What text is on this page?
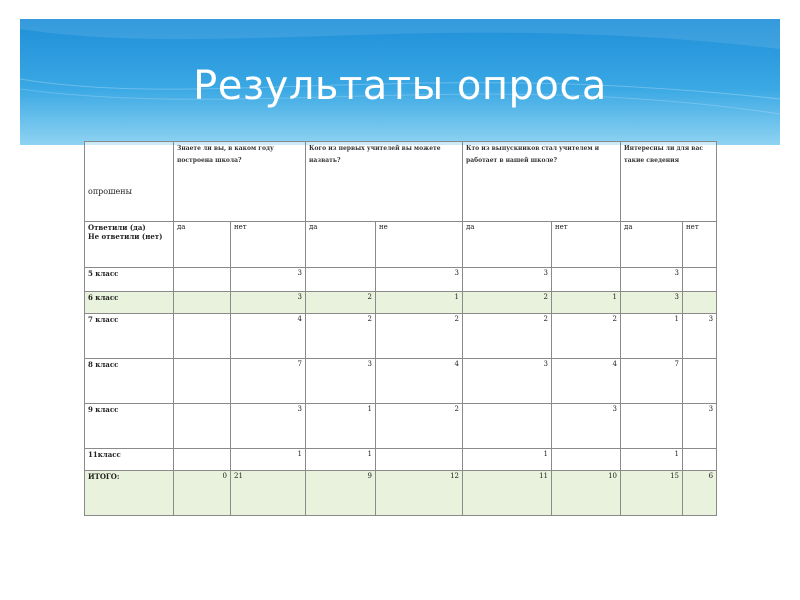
Результаты опроса
опрошены	Знаете ли вы, в каком году построена школа?		Кого из первых учителей вы можете назвать?		Кто из выпускников стал учителем и работает в нашей школе?		Интересны ли для вас такие сведения	

Ответили (да)
Не ответили (нет)	да	нет	да	не	да	нет	да	нет
5 класс		3		3	3		3	
6 класс		3	2	1	2	1	3	
7 класс		4	2	2	2	2	1	3
8 класс		7	3	4	3	4	7	
9 класс		3	1	2		3		3
11класс		1	1		1		1	
ИТОГО:	0	21	9	12	11	10	15	6
